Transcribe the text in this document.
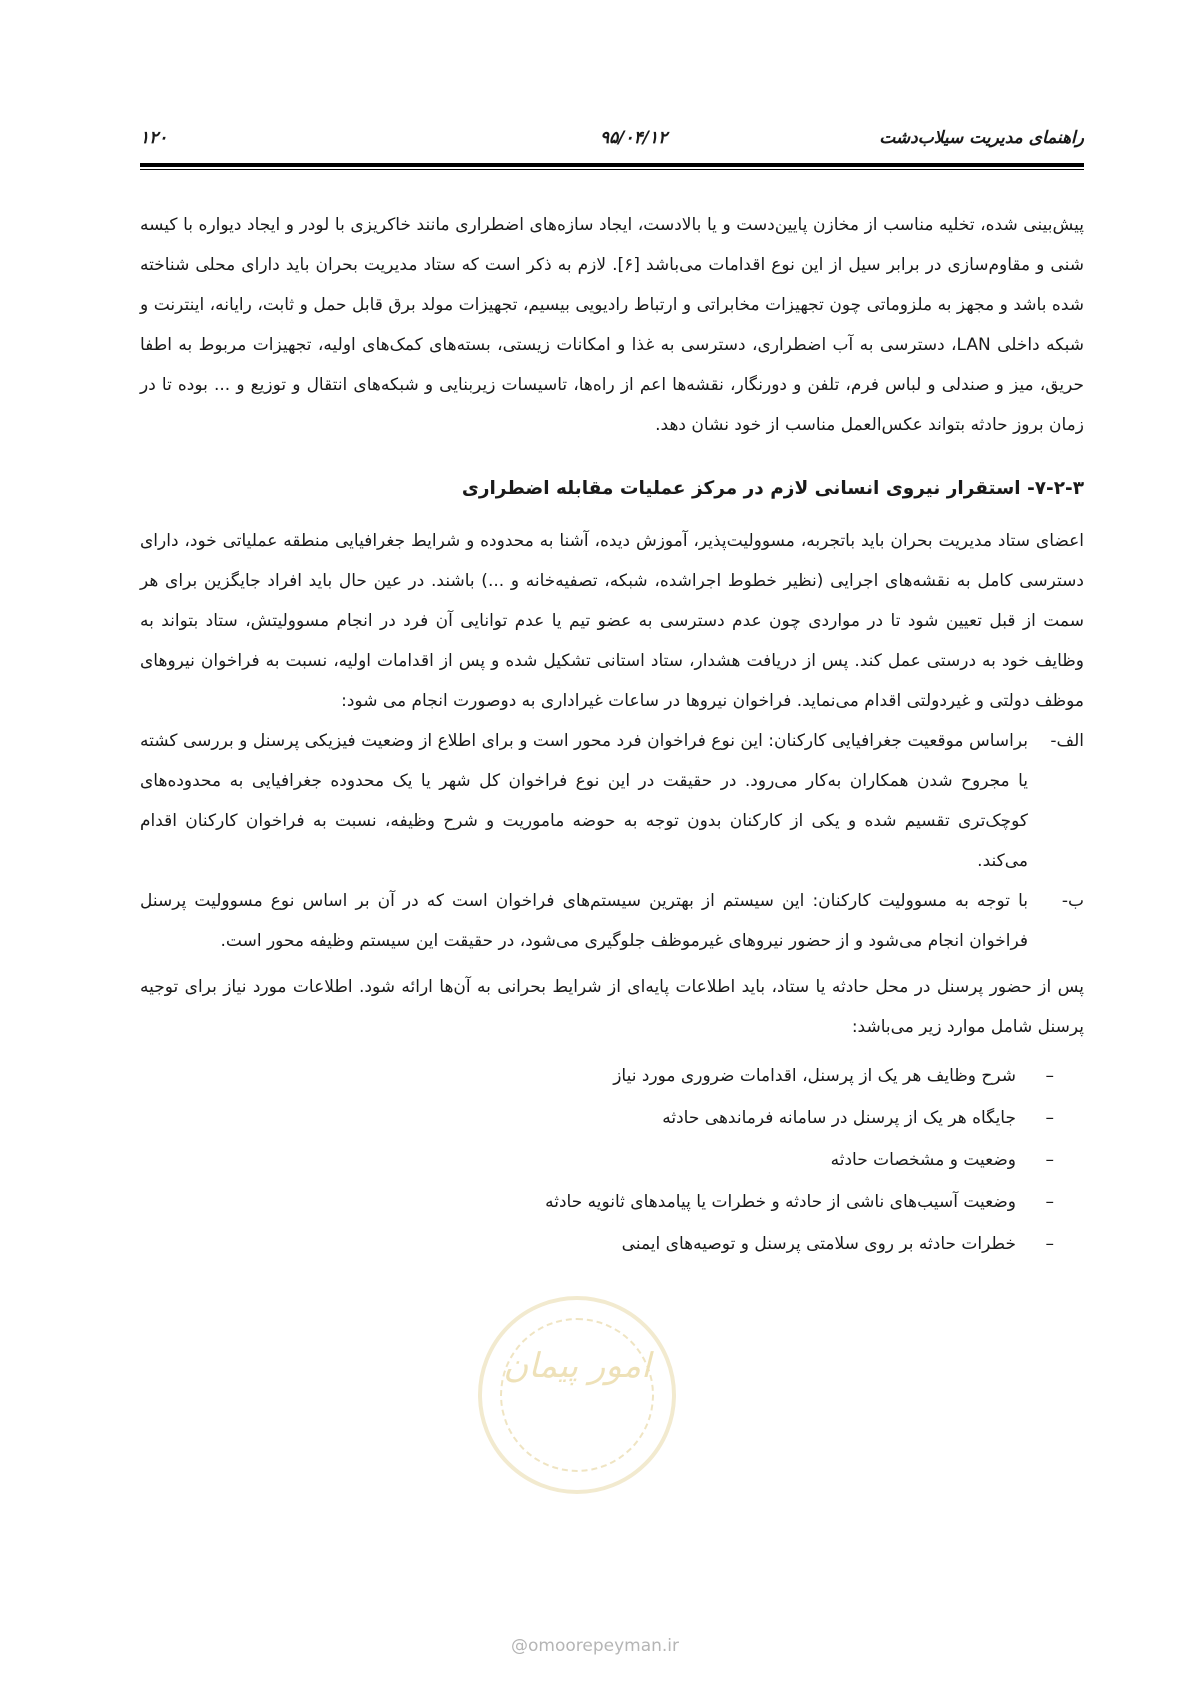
راهنمای مدیریت سیلاب‌دشت
۹۵/۰۴/۱۲
۱۲۰
امور پیمان

پیش‌بینی شده، تخلیه مناسب از مخازن پایین‌دست و یا بالادست، ایجاد سازه‌های اضطراری مانند خاکریزی با لودر و ایجاد دیواره با کیسه شنی و مقاوم‌سازی در برابر سیل از این نوع اقدامات می‌باشد [۶]. لازم به ذکر است که ستاد مدیریت بحران باید دارای محلی شناخته شده باشد و مجهز به ملزوماتی چون تجهیزات مخابراتی و ارتباط رادیویی بیسیم، تجهیزات مولد برق قابل حمل و ثابت، رایانه، اینترنت و شبکه داخلی LAN، دسترسی به آب اضطراری، دسترسی به غذا و امکانات زیستی، بسته‌های کمک‌های اولیه، تجهیزات مربوط به اطفا حریق، میز و صندلی و لباس فرم، تلفن و دورنگار، نقشه‌ها اعم از راه‌ها، تاسیسات زیربنایی و شبکه‌های انتقال و توزیع و ... بوده تا در زمان بروز حادثه بتواند عکس‌العمل مناسب از خود نشان دهد.

۷-۲-۳- استقرار نیروی انسانی لازم در مرکز عملیات مقابله اضطراری

اعضای ستاد مدیریت بحران باید باتجربه، مسوولیت‌پذیر، آموزش دیده، آشنا به محدوده و شرایط جغرافیایی منطقه عملیاتی خود، دارای دسترسی کامل به نقشه‌های اجرایی (نظیر خطوط اجراشده، شبکه، تصفیه‌خانه و ...) باشند. در عین حال باید افراد جایگزین برای هر سمت از قبل تعیین شود تا در مواردی چون عدم دسترسی به عضو تیم یا عدم توانایی آن فرد در انجام مسوولیتش، ستاد بتواند به وظایف خود به درستی عمل کند. پس از دریافت هشدار، ستاد استانی تشکیل شده و پس از اقدامات اولیه، نسبت به فراخوان نیروهای موظف دولتی و غیردولتی اقدام می‌نماید. فراخوان نیروها در ساعات غیراداری به دوصورت انجام می شود:

الف-
براساس موقعیت جغرافیایی کارکنان: این نوع فراخوان فرد محور است و برای اطلاع از وضعیت فیزیکی پرسنل و بررسی کشته یا مجروح شدن همکاران به‌کار می‌رود. در حقیقت در این نوع فراخوان کل شهر یا یک محدوده جغرافیایی به محدوده‌های کوچک‌تری تقسیم شده و یکی از کارکنان بدون توجه به حوضه ماموریت و شرح وظیفه، نسبت به فراخوان کارکنان اقدام می‌کند.
ب-
با توجه به مسوولیت کارکنان: این سیستم از بهترین سیستم‌های فراخوان است که در آن بر اساس نوع مسوولیت پرسنل فراخوان انجام می‌شود و از حضور نیروهای غیرموظف جلوگیری می‌شود، در حقیقت این سیستم وظیفه محور است.

پس از حضور پرسنل در محل حادثه یا ستاد، باید اطلاعات پایه‌ای از شرایط بحرانی به آن‌ها ارائه شود. اطلاعات مورد نیاز برای توجیه پرسنل شامل موارد زیر می‌باشد:

–شرح وظایف هر یک از پرسنل، اقدامات ضروری مورد نیاز
–جایگاه هر یک از پرسنل در سامانه فرماندهی حادثه
–وضعیت و مشخصات حادثه
–وضعیت آسیب‌های ناشی از حادثه و خطرات یا پیامدهای ثانویه حادثه
–خطرات حادثه بر روی سلامتی پرسنل و توصیه‌های ایمنی
@omoorepeyman.ir
